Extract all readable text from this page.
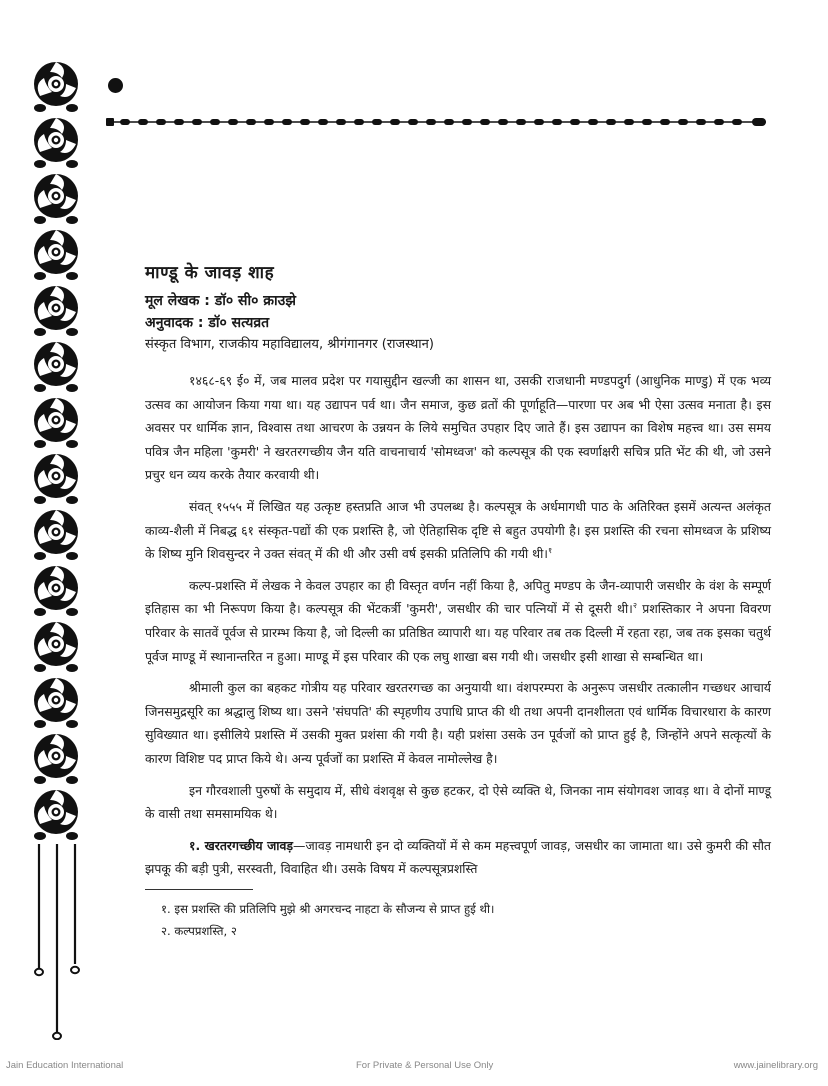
माण्डू के जावड़ शाह

मूल लेखक : डॉ० सी० क्राउझे

अनुवादक : डॉ० सत्यव्रत

संस्कृत विभाग, राजकीय महाविद्यालय, श्रीगंगानगर (राजस्थान)

१४६८-६९ ई० में, जब मालव प्रदेश पर गयासुद्दीन खल्जी का शासन था, उसकी राजधानी मण्डपदुर्ग (आधुनिक माण्डु) में एक भव्य उत्सव का आयोजन किया गया था। यह उद्यापन पर्व था। जैन समाज, कुछ व्रतों की पूर्णाहूति—पारणा पर अब भी ऐसा उत्सव मनाता है। इस अवसर पर धार्मिक ज्ञान, विश्वास तथा आचरण के उन्नयन के लिये समुचित उपहार दिए जाते हैं। इस उद्यापन का विशेष महत्त्व था। उस समय पवित्र जैन महिला 'कुमरी' ने खरतरगच्छीय जैन यति वाचनाचार्य 'सोमध्वज' को कल्पसूत्र की एक स्वर्णाक्षरी सचित्र प्रति भेंट की थी, जो उसने प्रचुर धन व्यय करके तैयार करवायी थी।

संवत् १५५५ में लिखित यह उत्कृष्ट हस्तप्रति आज भी उपलब्ध है। कल्पसूत्र के अर्धमागधी पाठ के अतिरिक्त इसमें अत्यन्त अलंकृत काव्य-शैली में निबद्ध ६१ संस्कृत-पद्यों की एक प्रशस्ति है, जो ऐतिहासिक दृष्टि से बहुत उपयोगी है। इस प्रशस्ति की रचना सोमध्वज के प्रशिष्य के शिष्य मुनि शिवसुन्दर ने उक्त संवत् में की थी और उसी वर्ष इसकी प्रतिलिपि की गयी थी।$^१$

कल्प-प्रशस्ति में लेखक ने केवल उपहार का ही विस्तृत वर्णन नहीं किया है, अपितु मण्डप के जैन-व्यापारी जसधीर के वंश के सम्पूर्ण इतिहास का भी निरूपण किया है। कल्पसूत्र की भेंटकर्त्री 'कुमरी', जसधीर की चार पत्नियों में से दूसरी थी।$^२$ प्रशस्तिकार ने अपना विवरण परिवार के सातवें पूर्वज से प्रारम्भ किया है, जो दिल्ली का प्रतिष्ठित व्यापारी था। यह परिवार तब तक दिल्ली में रहता रहा, जब तक इसका चतुर्थ पूर्वज माण्डू में स्थानान्तरित न हुआ। माण्डू में इस परिवार की एक लघु शाखा बस गयी थी। जसधीर इसी शाखा से सम्बन्धित था।

श्रीमाली कुल का बहकट गोत्रीय यह परिवार खरतरगच्छ का अनुयायी था। वंशपरम्परा के अनुरूप जसधीर तत्कालीन गच्छधर आचार्य जिनसमुद्रसूरि का श्रद्धालु शिष्य था। उसने 'संघपति' की स्पृहणीय उपाधि प्राप्त की थी तथा अपनी दानशीलता एवं धार्मिक विचारधारा के कारण सुविख्यात था। इसीलिये प्रशस्ति में उसकी मुक्त प्रशंसा की गयी है। यही प्रशंसा उसके उन पूर्वजों को प्राप्त हुई है, जिन्होंने अपने सत्कृत्यों के कारण विशिष्ट पद प्राप्त किये थे। अन्य पूर्वजों का प्रशस्ति में केवल नामोल्लेख है।

इन गौरवशाली पुरुषों के समुदाय में, सीधे वंशवृक्ष से कुछ हटकर, दो ऐसे व्यक्ति थे, जिनका नाम संयोगवश जावड़ था। वे दोनों माण्डू के वासी तथा समसामयिक थे।

१. खरतरगच्छीय जावड़—जावड़ नामधारी इन दो व्यक्तियों में से कम महत्त्वपूर्ण जावड़, जसधीर का जामाता था। उसे कुमरी की सौत झपकू की बड़ी पुत्री, सरस्वती, विवाहित थी। उसके विषय में कल्पसूत्रप्रशस्ति

१. इस प्रशस्ति की प्रतिलिपि मुझे श्री अगरचन्द नाहटा के सौजन्य से प्राप्त हुई थी।

२. कल्पप्रशस्ति, २

Jain Education International	For Private & Personal Use Only	www.jainelibrary.org
